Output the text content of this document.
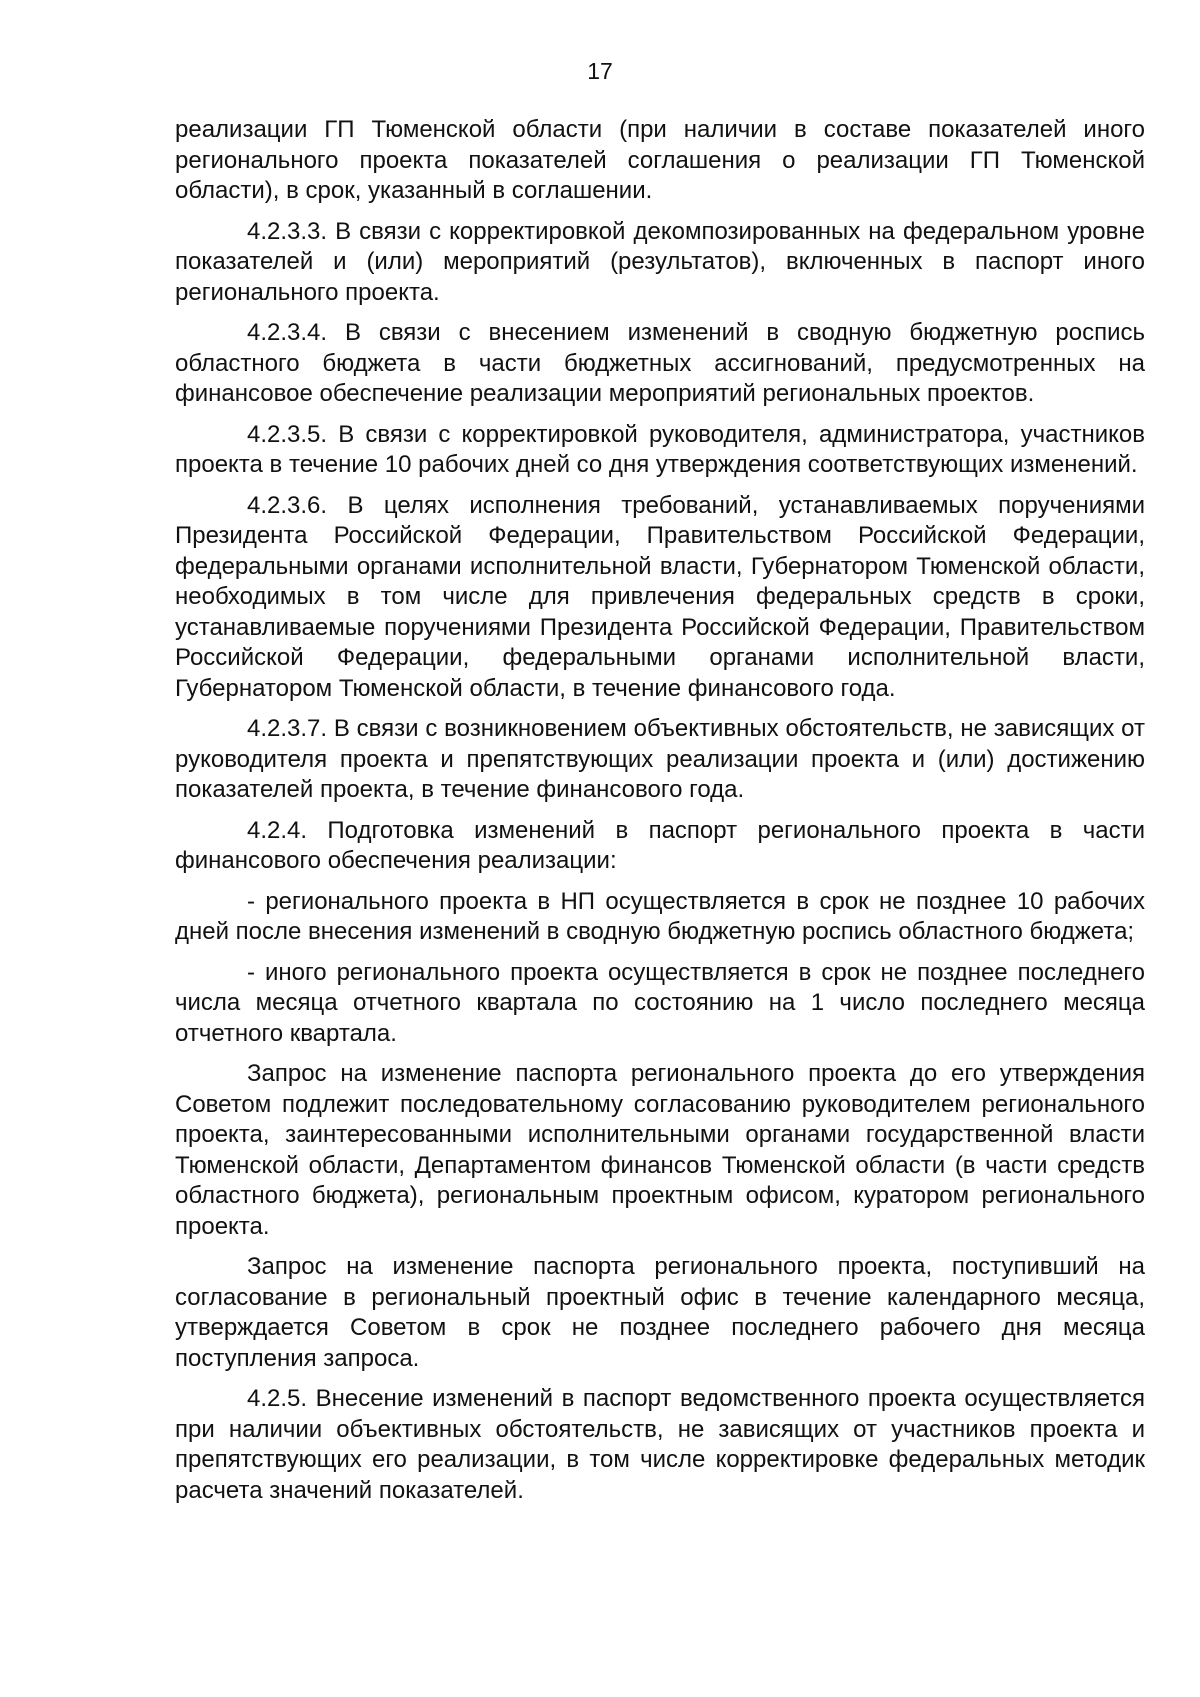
17

реализации ГП Тюменской области (при наличии в составе показателей иного регионального проекта показателей соглашения о реализации ГП Тюменской области), в срок, указанный в соглашении.

4.2.3.3. В связи с корректировкой декомпозированных на федеральном уровне показателей и (или) мероприятий (результатов), включенных в паспорт иного регионального проекта.

4.2.3.4. В связи с внесением изменений в сводную бюджетную роспись областного бюджета в части бюджетных ассигнований, предусмотренных на финансовое обеспечение реализации мероприятий региональных проектов.

4.2.3.5. В связи с корректировкой руководителя, администратора, участников проекта в течение 10 рабочих дней со дня утверждения соответствующих изменений.

4.2.3.6. В целях исполнения требований, устанавливаемых поручениями Президента Российской Федерации, Правительством Российской Федерации, федеральными органами исполнительной власти, Губернатором Тюменской области, необходимых в том числе для привлечения федеральных средств в сроки, устанавливаемые поручениями Президента Российской Федерации, Правительством Российской Федерации, федеральными органами исполнительной власти, Губернатором Тюменской области, в течение финансового года.

4.2.3.7. В связи с возникновением объективных обстоятельств, не зависящих от руководителя проекта и препятствующих реализации проекта и (или) достижению показателей проекта, в течение финансового года.

4.2.4. Подготовка изменений в паспорт регионального проекта в части финансового обеспечения реализации:

- регионального проекта в НП осуществляется в срок не позднее 10 рабочих дней после внесения изменений в сводную бюджетную роспись областного бюджета;

- иного регионального проекта осуществляется в срок не позднее последнего числа месяца отчетного квартала по состоянию на 1 число последнего месяца отчетного квартала.

Запрос на изменение паспорта регионального проекта до его утверждения Советом подлежит последовательному согласованию руководителем регионального проекта, заинтересованными исполнительными органами государственной власти Тюменской области, Департаментом финансов Тюменской области (в части средств областного бюджета), региональным проектным офисом, куратором регионального проекта.

Запрос на изменение паспорта регионального проекта, поступивший на согласование в региональный проектный офис в течение календарного месяца, утверждается Советом в срок не позднее последнего рабочего дня месяца поступления запроса.

4.2.5. Внесение изменений в паспорт ведомственного проекта осуществляется при наличии объективных обстоятельств, не зависящих от участников проекта и препятствующих его реализации, в том числе корректировке федеральных методик расчета значений показателей.
